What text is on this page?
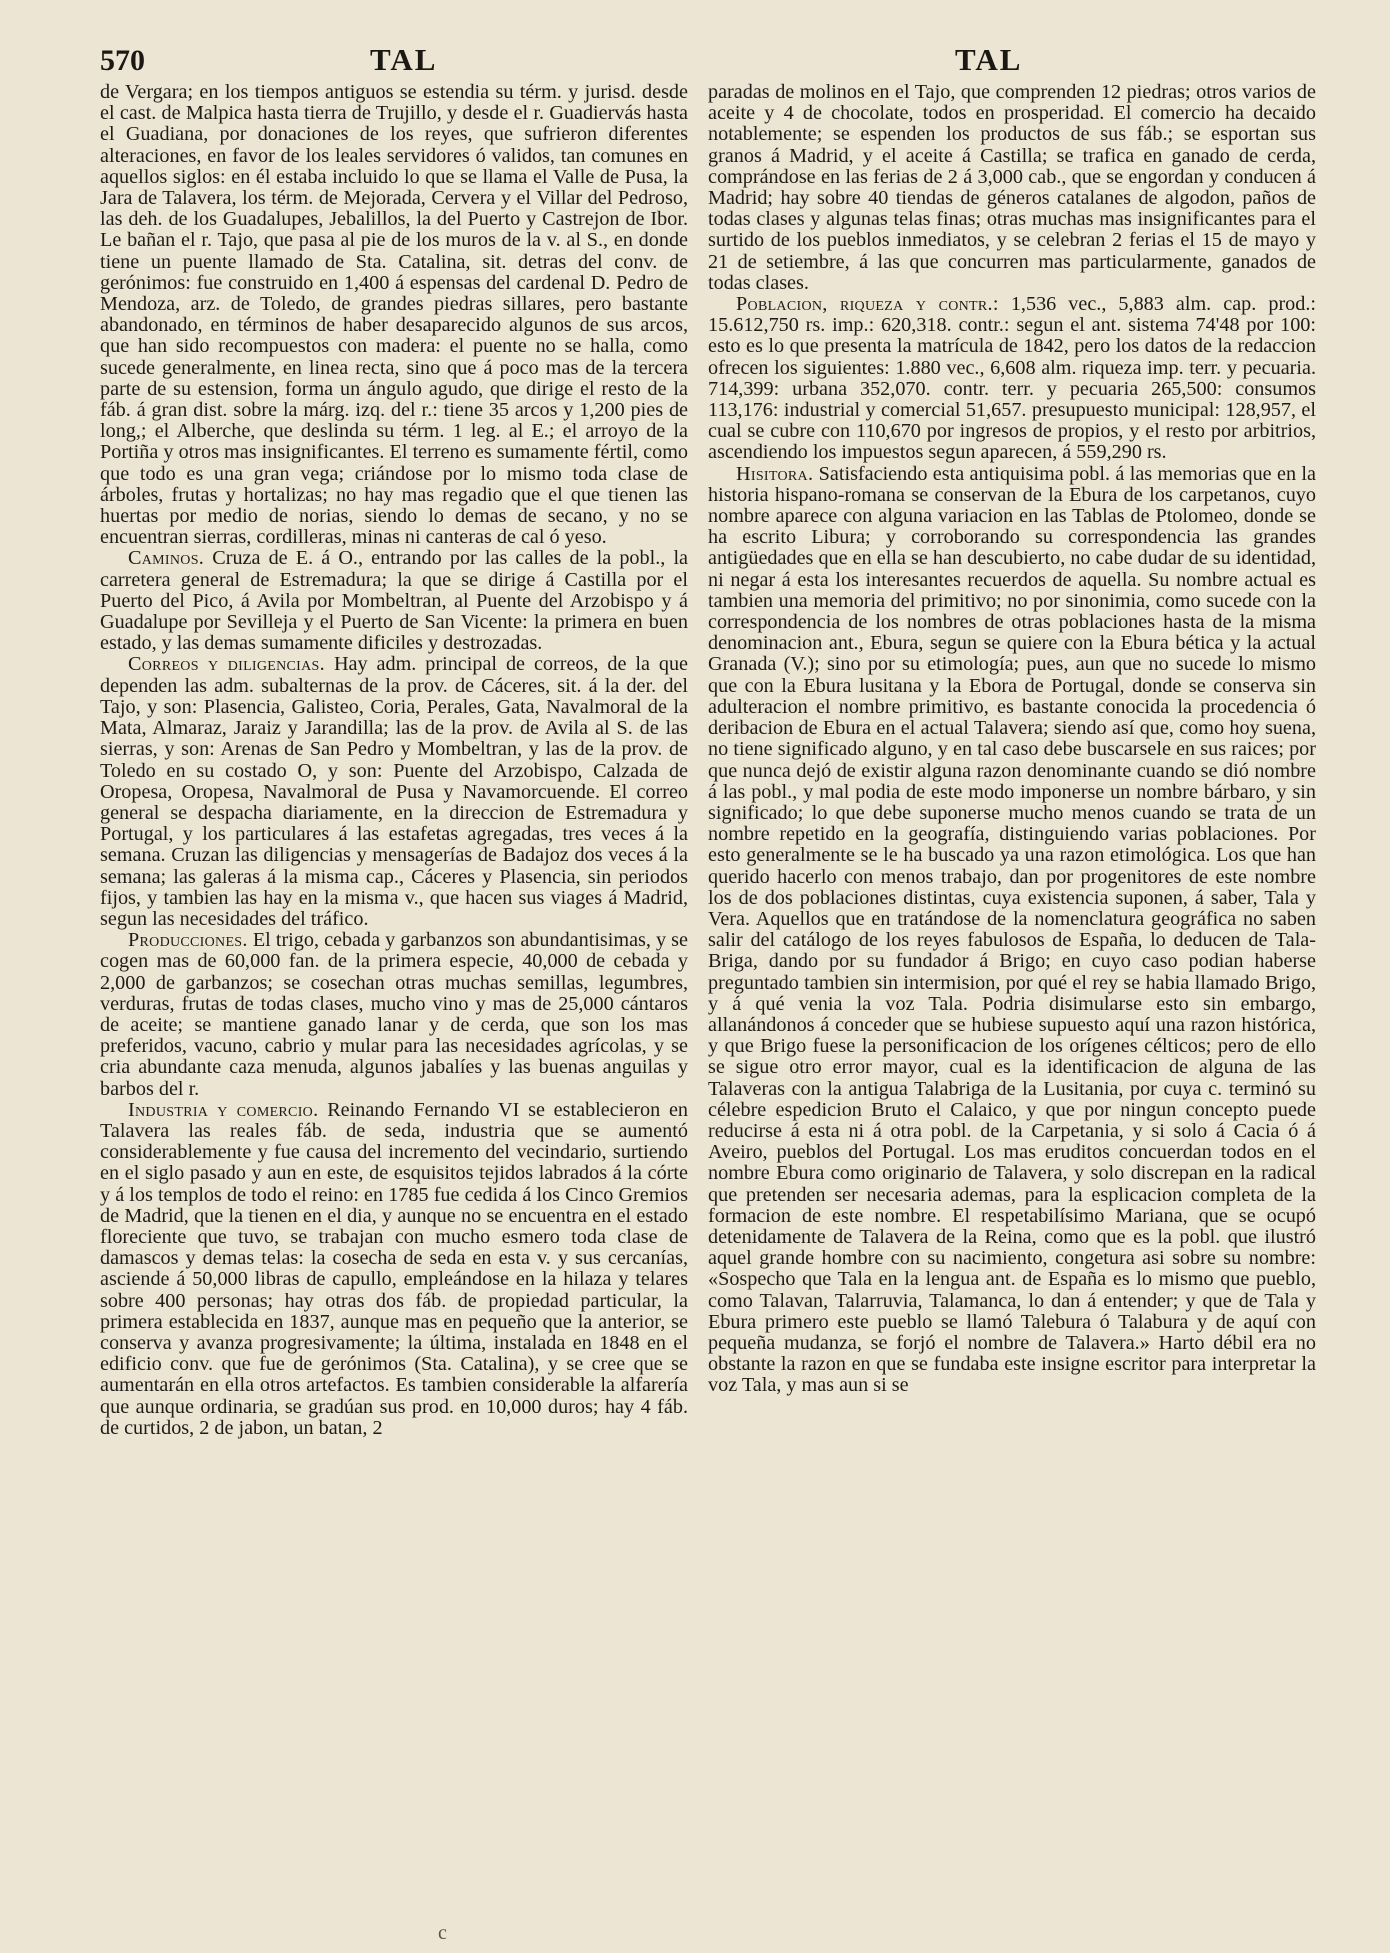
570	TAL	TAL

de Vergara; en los tiempos antiguos se estendia su térm. y jurisd. desde el cast. de Malpica hasta tierra de Trujillo, y desde el r. Guadiervás hasta el Guadiana, por donaciones de los reyes, que sufrieron diferentes alteraciones, en favor de los leales servidores ó validos, tan comunes en aquellos siglos: en él estaba incluido lo que se llama el Valle de Pusa, la Jara de Talavera, los térm. de Mejorada, Cervera y el Villar del Pedroso, las deh. de los Guadalupes, Jebalillos, la del Puerto y Castrejon de Ibor. Le bañan el r. Tajo, que pasa al pie de los muros de la v. al S., en donde tiene un puente llamado de Sta. Catalina, sit. detras del conv. de gerónimos: fue construido en 1,400 á espensas del cardenal D. Pedro de Mendoza, arz. de Toledo, de grandes piedras sillares, pero bastante abandonado, en términos de haber desaparecido algunos de sus arcos, que han sido recompuestos con madera: el puente no se halla, como sucede generalmente, en linea recta, sino que á poco mas de la tercera parte de su estension, forma un ángulo agudo, que dirige el resto de la fáb. á gran dist. sobre la márg. izq. del r.: tiene 35 arcos y 1,200 pies de long,; el Alberche, que deslinda su térm. 1 leg. al E.; el arroyo de la Portiña y otros mas insignificantes. El terreno es sumamente fértil, como que todo es una gran vega; criándose por lo mismo toda clase de árboles, frutas y hortalizas; no hay mas regadio que el que tienen las huertas por medio de norias, siendo lo demas de secano, y no se encuentran sierras, cordilleras, minas ni canteras de cal ó yeso.

Caminos. Cruza de E. á O., entrando por las calles de la pobl., la carretera general de Estremadura; la que se dirige á Castilla por el Puerto del Pico, á Avila por Mombeltran, al Puente del Arzobispo y á Guadalupe por Sevilleja y el Puerto de San Vicente: la primera en buen estado, y las demas sumamente dificiles y destrozadas.

Correos y diligencias. Hay adm. principal de correos, de la que dependen las adm. subalternas de la prov. de Cáceres, sit. á la der. del Tajo, y son: Plasencia, Galisteo, Coria, Perales, Gata, Navalmoral de la Mata, Almaraz, Jaraiz y Jarandilla; las de la prov. de Avila al S. de las sierras, y son: Arenas de San Pedro y Mombeltran, y las de la prov. de Toledo en su costado O, y son: Puente del Arzobispo, Calzada de Oropesa, Oropesa, Navalmoral de Pusa y Navamorcuende. El correo general se despacha diariamente, en la direccion de Estremadura y Portugal, y los particulares á las estafetas agregadas, tres veces á la semana. Cruzan las diligencias y mensagerías de Badajoz dos veces á la semana; las galeras á la misma cap., Cáceres y Plasencia, sin periodos fijos, y tambien las hay en la misma v., que hacen sus viages á Madrid, segun las necesidades del tráfico.

Producciones. El trigo, cebada y garbanzos son abundantisimas, y se cogen mas de 60,000 fan. de la primera especie, 40,000 de cebada y 2,000 de garbanzos; se cosechan otras muchas semillas, legumbres, verduras, frutas de todas clases, mucho vino y mas de 25,000 cántaros de aceite; se mantiene ganado lanar y de cerda, que son los mas preferidos, vacuno, cabrio y mular para las necesidades agrícolas, y se cria abundante caza menuda, algunos jabalíes y las buenas anguilas y barbos del r.

Industria y comercio. Reinando Fernando VI se establecieron en Talavera las reales fáb. de seda, industria que se aumentó considerablemente y fue causa del incremento del vecindario, surtiendo en el siglo pasado y aun en este, de esquisitos tejidos labrados á la córte y á los templos de todo el reino: en 1785 fue cedida á los Cinco Gremios de Madrid, que la tienen en el dia, y aunque no se encuentra en el estado floreciente que tuvo, se trabajan con mucho esmero toda clase de damascos y demas telas: la cosecha de seda en esta v. y sus cercanías, asciende á 50,000 libras de capullo, empleándose en la hilaza y telares sobre 400 personas; hay otras dos fáb. de propiedad particular, la primera establecida en 1837, aunque mas en pequeño que la anterior, se conserva y avanza progresivamente; la última, instalada en 1848 en el edificio conv. que fue de gerónimos (Sta. Catalina), y se cree que se aumentarán en ella otros artefactos. Es tambien considerable la alfarería que aunque ordinaria, se gradúan sus prod. en 10,000 duros; hay 4 fáb. de curtidos, 2 de jabon, un batan, 2

paradas de molinos en el Tajo, que comprenden 12 piedras; otros varios de aceite y 4 de chocolate, todos en prosperidad. El comercio ha decaido notablemente; se espenden los productos de sus fáb.; se esportan sus granos á Madrid, y el aceite á Castilla; se trafica en ganado de cerda, comprándose en las ferias de 2 á 3,000 cab., que se engordan y conducen á Madrid; hay sobre 40 tiendas de géneros catalanes de algodon, paños de todas clases y algunas telas finas; otras muchas mas insignificantes para el surtido de los pueblos inmediatos, y se celebran 2 ferias el 15 de mayo y 21 de setiembre, á las que concurren mas particularmente, ganados de todas clases.

Poblacion, riqueza y contr.: 1,536 vec., 5,883 alm. cap. prod.: 15.612,750 rs. imp.: 620,318. contr.: segun el ant. sistema 74'48 por 100: esto es lo que presenta la matrícula de 1842, pero los datos de la redaccion ofrecen los siguientes: 1.880 vec., 6,608 alm. riqueza imp. terr. y pecuaria. 714,399: urbana 352,070. contr. terr. y pecuaria 265,500: consumos 113,176: industrial y comercial 51,657. presupuesto municipal: 128,957, el cual se cubre con 110,670 por ingresos de propios, y el resto por arbitrios, ascendiendo los impuestos segun aparecen, á 559,290 rs.

Hisitora. Satisfaciendo esta antiquisima pobl. á las memorias que en la historia hispano-romana se conservan de la Ebura de los carpetanos, cuyo nombre aparece con alguna variacion en las Tablas de Ptolomeo, donde se ha escrito Libura; y corroborando su correspondencia las grandes antigüedades que en ella se han descubierto, no cabe dudar de su identidad, ni negar á esta los interesantes recuerdos de aquella. Su nombre actual es tambien una memoria del primitivo; no por sinonimia, como sucede con la correspondencia de los nombres de otras poblaciones hasta de la misma denominacion ant., Ebura, segun se quiere con la Ebura bética y la actual Granada (V.); sino por su etimología; pues, aun que no sucede lo mismo que con la Ebura lusitana y la Ebora de Portugal, donde se conserva sin adulteracion el nombre primitivo, es bastante conocida la procedencia ó deribacion de Ebura en el actual Talavera; siendo así que, como hoy suena, no tiene significado alguno, y en tal caso debe buscarsele en sus raices; por que nunca dejó de existir alguna razon denominante cuando se dió nombre á las pobl., y mal podia de este modo imponerse un nombre bárbaro, y sin significado; lo que debe suponerse mucho menos cuando se trata de un nombre repetido en la geografía, distinguiendo varias poblaciones. Por esto generalmente se le ha buscado ya una razon etimológica. Los que han querido hacerlo con menos trabajo, dan por progenitores de este nombre los de dos poblaciones distintas, cuya existencia suponen, á saber, Tala y Vera. Aquellos que en tratándose de la nomenclatura geográfica no saben salir del catálogo de los reyes fabulosos de España, lo deducen de Tala-Briga, dando por su fundador á Brigo; en cuyo caso podian haberse preguntado tambien sin intermision, por qué el rey se habia llamado Brigo, y á qué venia la voz Tala. Podria disimularse esto sin embargo, allanándonos á conceder que se hubiese supuesto aquí una razon histórica, y que Brigo fuese la personificacion de los orígenes célticos; pero de ello se sigue otro error mayor, cual es la identificacion de alguna de las Talaveras con la antigua Talabriga de la Lusitania, por cuya c. terminó su célebre espedicion Bruto el Calaico, y que por ningun concepto puede reducirse á esta ni á otra pobl. de la Carpetania, y si solo á Cacia ó á Aveiro, pueblos del Portugal. Los mas eruditos concuerdan todos en el nombre Ebura como originario de Talavera, y solo discrepan en la radical que pretenden ser necesaria ademas, para la esplicacion completa de la formacion de este nombre. El respetabilísimo Mariana, que se ocupó detenidamente de Talavera de la Reina, como que es la pobl. que ilustró aquel grande hombre con su nacimiento, congetura asi sobre su nombre: «Sospecho que Tala en la lengua ant. de España es lo mismo que pueblo, como Talavan, Talarruvia, Talamanca, lo dan á entender; y que de Tala y Ebura primero este pueblo se llamó Talebura ó Talabura y de aquí con pequeña mudanza, se forjó el nombre de Talavera.» Harto débil era no obstante la razon en que se fundaba este insigne escritor para interpretar la voz Tala, y mas aun si se

c
